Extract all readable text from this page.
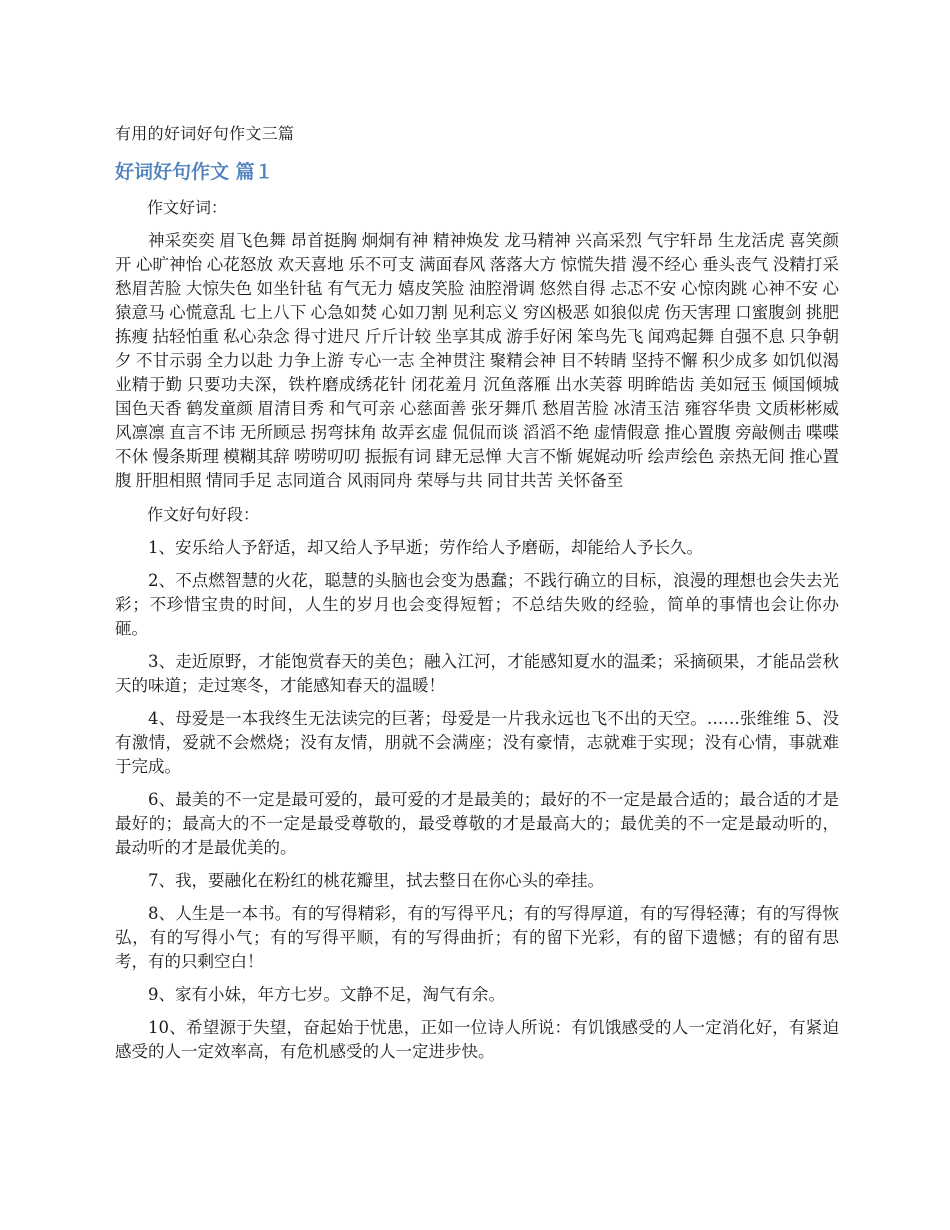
有用的好词好句作文三篇
好词好句作文 篇１
作文好词：
神采奕奕 眉飞色舞 昂首挺胸 炯炯有神 精神焕发 龙马精神 兴高采烈 气宇轩昂 生龙活虎 喜笑颜开 心旷神怡 心花怒放 欢天喜地 乐不可支 满面春风 落落大方 惊慌失措 漫不经心 垂头丧气 没精打采 愁眉苦脸 大惊失色 如坐针毡 有气无力 嬉皮笑脸 油腔滑调 悠然自得 忐忑不安 心惊肉跳 心神不安 心猿意马 心慌意乱 七上八下 心急如焚 心如刀割 见利忘义 穷凶极恶 如狼似虎 伤天害理 口蜜腹剑 挑肥拣瘦 拈轻怕重 私心杂念 得寸进尺 斤斤计较 坐享其成 游手好闲 笨鸟先飞 闻鸡起舞 自强不息 只争朝夕 不甘示弱 全力以赴 力争上游 专心一志 全神贯注 聚精会神 目不转睛 坚持不懈 积少成多 如饥似渴 业精于勤 只要功夫深，铁杵磨成绣花针 闭花羞月 沉鱼落雁 出水芙蓉 明眸皓齿 美如冠玉 倾国倾城 国色天香 鹤发童颜 眉清目秀 和气可亲 心慈面善 张牙舞爪 愁眉苦脸 冰清玉洁 雍容华贵 文质彬彬威风凛凛 直言不讳 无所顾忌 拐弯抹角 故弄玄虚 侃侃而谈 滔滔不绝 虚情假意 推心置腹 旁敲侧击 喋喋不休 慢条斯理 模糊其辞 唠唠叨叨 振振有词 肆无忌惮 大言不惭 娓娓动听 绘声绘色 亲热无间 推心置腹 肝胆相照 情同手足 志同道合 风雨同舟 荣辱与共 同甘共苦 关怀备至
作文好句好段：
1、安乐给人予舒适，却又给人予早逝；劳作给人予磨砺，却能给人予长久。
2、不点燃智慧的火花，聪慧的头脑也会变为愚蠢；不践行确立的目标，浪漫的理想也会失去光彩；不珍惜宝贵的时间，人生的岁月也会变得短暂；不总结失败的经验，简单的事情也会让你办砸。
3、走近原野，才能饱赏春天的美色；融入江河，才能感知夏水的温柔；采摘硕果，才能品尝秋天的味道；走过寒冬，才能感知春天的温暖！
4、母爱是一本我终生无法读完的巨著；母爱是一片我永远也飞不出的天空。……张维维 5、没有激情，爱就不会燃烧；没有友情，朋就不会满座；没有豪情，志就难于实现；没有心情，事就难于完成。
6、最美的不一定是最可爱的，最可爱的才是最美的；最好的不一定是最合适的；最合适的才是最好的；最高大的不一定是最受尊敬的，最受尊敬的才是最高大的；最优美的不一定是最动听的，最动听的才是最优美的。
7、我，要融化在粉红的桃花瓣里，拭去整日在你心头的牵挂。
8、人生是一本书。有的写得精彩，有的写得平凡；有的写得厚道，有的写得轻薄；有的写得恢弘，有的写得小气；有的写得平顺，有的写得曲折；有的留下光彩，有的留下遗憾；有的留有思考，有的只剩空白！
9、家有小妹，年方七岁。文静不足，淘气有余。
10、希望源于失望，奋起始于忧患，正如一位诗人所说：有饥饿感受的人一定消化好，有紧迫感受的人一定效率高，有危机感受的人一定进步快。
